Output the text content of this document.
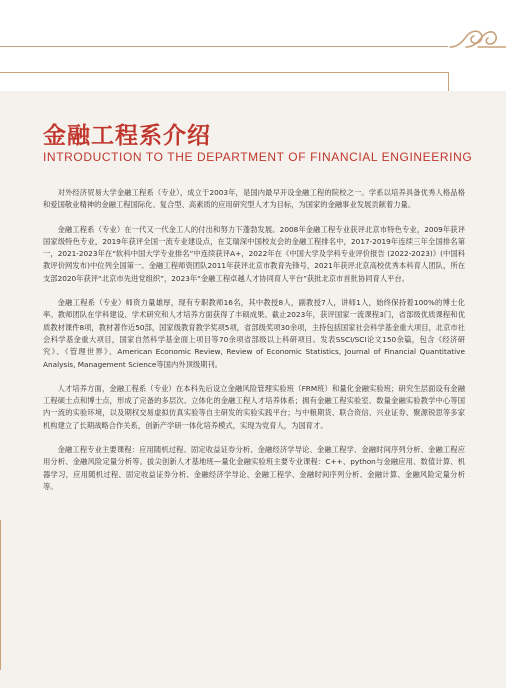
金融工程系介绍
INTRODUCTION TO THE DEPARTMENT OF FINANCIAL ENGINEERING

对外经济贸易大学金融工程系（专业），成立于2003年，是国内最早开设金融工程的院校之一。学系以培养具备优秀人格品格和爱国敬业精神的金融工程国际化、复合型、高素质的应用研究型人才为目标，为国家的金融事业发展贡献着力量。

金融工程系（专业）在一代又一代金工人的付出和努力下蓬勃发展。2008年金融工程专业获评北京市特色专业，2009年获评国家级特色专业，2019年获评全国一流专业建设点，在艾瑞深中国校友会的金融工程排名中，2017-2019年连续三年全国排名第一，2021-2023年在“软科中国大学专业排名”中连续获评A+，2022年在《中国大学及学科专业评价报告 (2022-2023)》(中国科教评价网发布)中位列全国第一。金融工程师资团队2011年获评北京市教育先锋号，2021年获评北京高校优秀本科育人团队，所在支部2020年获评“北京市先进党组织”，2023年“金融工程卓越人才协同育人平台”获批北京市首批协同育人平台。

金融工程系（专业）师资力量雄厚，现有专职教师16名，其中教授8人，副教授7人，讲师1人，始终保持着100%的博士化率。教师团队在学科建设、学术研究和人才培养方面获得了丰硕成果。截止2023年，获评国家一流课程3门，省部级优质课程和优质教材课件8项，教材著作近50部，国家级教育教学奖项5项，省部级奖项30余项，主持包括国家社会科学基金重大项目，北京市社会科学基金重大项目，国家自然科学基金面上项目等70余项省部级以上科研项目。发表SSCI/SCI论文150余篇，包含《经济研究》、《管理世界》、American Economic Review, Review of Economic Statistics, Journal of Financial Quantitative Analysis, Management Science等国内外顶级期刊。

人才培养方面，金融工程系（专业）在本科先后设立金融风险管理实验班（FRM班）和量化金融实验班；研究生层面设有金融工程硕士点和博士点，形成了完备的多层次、立体化的金融工程人才培养体系；拥有金融工程实验室、数量金融实验教学中心等国内一流的实验环境，以及期权交易虚拟仿真实验等自主研发的实验实践平台；与中粮期货、联合资信、兴业证券、聚源锐思等多家机构建立了长期战略合作关系，创新产学研一体化培养模式，实现为党育人，为国育才。

金融工程专业主要课程：应用随机过程、固定收益证券分析、金融经济学导论、金融工程学、金融时间序列分析、金融工程应用分析、金融风险定量分析等。拔尖创新人才基地班—量化金融实验班主要专业课程：C++、python与金融应用、数值计算、机器学习，应用随机过程、固定收益证券分析、金融经济学导论、金融工程学、金融时间序列分析、金融计算、金融风险定量分析等。
